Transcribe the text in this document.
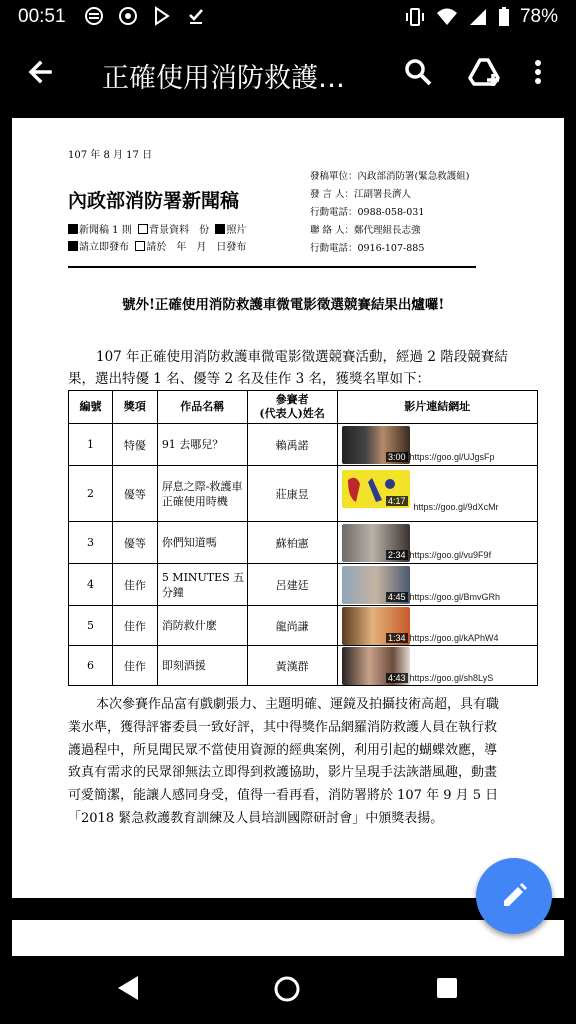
00:51	78%
正確使用消防救護…
107 年 8 月 17 日
內政部消防署新聞稿
新聞稿 1 則 背景資料　份 照片
請立即發布 請於　年　月　日發布
發稿單位：內政部消防署(緊急救護組)
發 言 人：江副署長濟人
行動電話：0988-058-031
聯 絡 人：鄭代理組長志強
行動電話：0916-107-885
號外!正確使用消防救護車微電影徵選競賽結果出爐囉!
107 年正確使用消防救護車微電影徵選競賽活動，經過 2 階段競賽結果，選出特優 1 名、優等 2 名及佳作 3 名，獲獎名單如下：
編號	獎項	作品名稱	參賽者
(代表人)姓名	影片連結網址
1	特優	91 去哪兒？	賴禹諾	3:00 https://goo.gl/UJgsFp

2	優等	屏息之際-救護車正確使用時機	莊康昱	4:17
https://goo.gl/9dXcMr

3	優等	你們知道嗎	蘇柏憲	2:34 https://goo.gl/vu9F9f

4	佳作	5 MINUTES 五分鐘	呂建廷	4:45 https://goo.gl/BmvGRh

5	佳作	消防救什麼	龍尚謙	1:34 https://goo.gl/kAPhW4

6	佳作	即刻酒援	黃漢群	4:43 https://goo.gl/sh8LyS
本次參賽作品富有戲劇張力、主題明確、運鏡及拍攝技術高超，具有職業水準，獲得評審委員一致好評，其中得獎作品網羅消防救護人員在執行救護過程中，所見聞民眾不當使用資源的經典案例，利用引起的蝴蝶效應，導致真有需求的民眾卻無法立即得到救護協助，影片呈現手法詼諧風趣，動畫可愛簡潔，能讓人感同身受，值得一看再看，消防署將於 107 年 9 月 5 日「2018 緊急救護教育訓練及人員培訓國際研討會」中頒獎表揚。
